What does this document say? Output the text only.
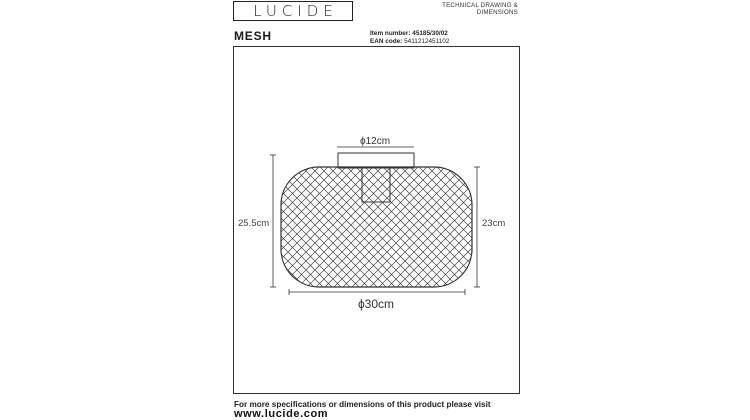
LUCIDE	TECHNICAL DRAWING & DIMENSIONS
MESH	Item number: 45185/30/02
EAN code: 5411212451102
ϕ12cm
25.5cm	23cm
ϕ30cm
For more specifications or dimensions of this product please visit
www.lucide.com
